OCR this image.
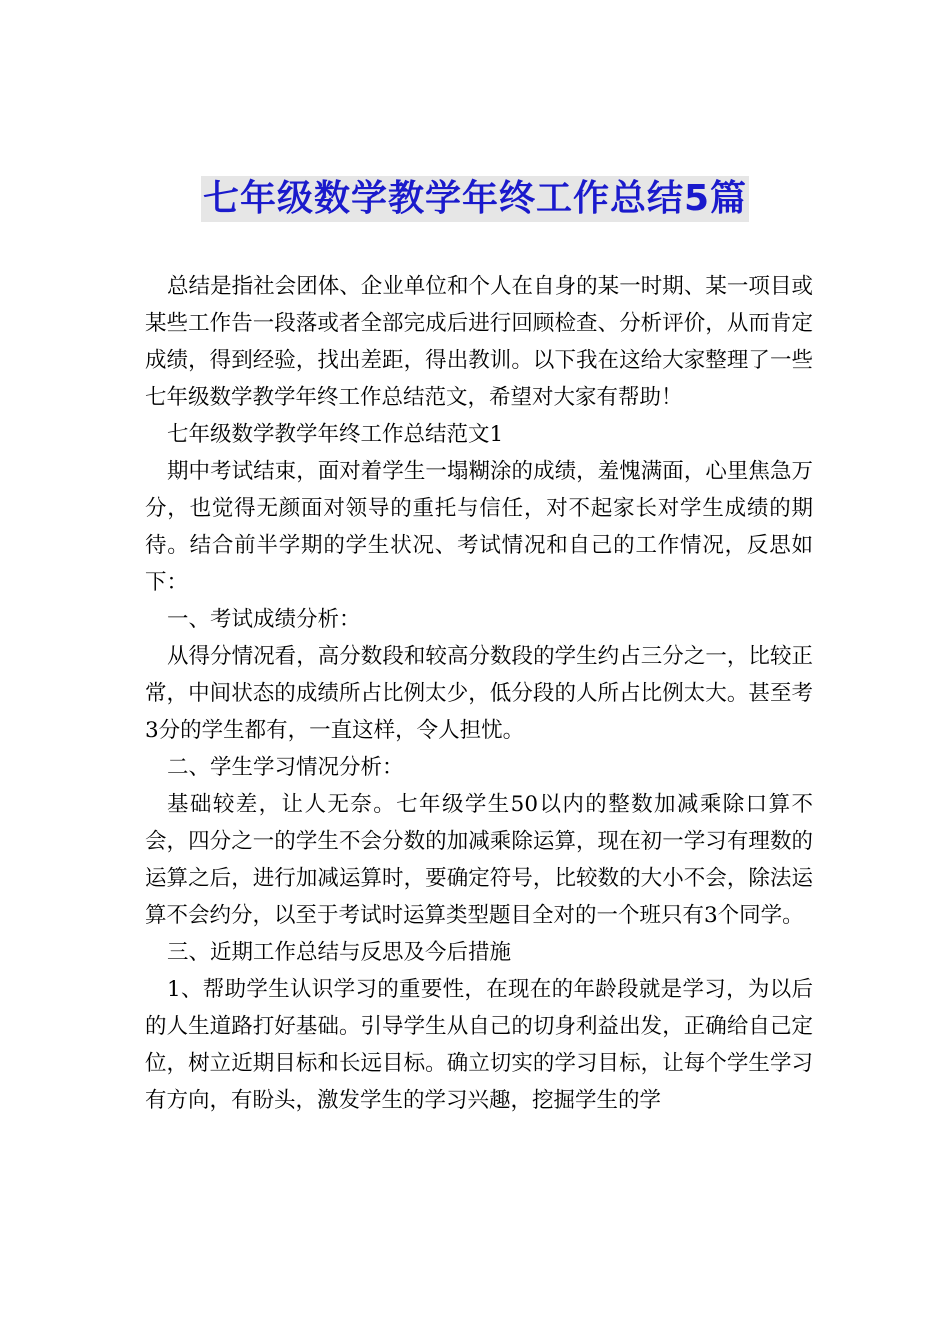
七年级数学教学年终工作总结5篇

总结是指社会团体、企业单位和个人在自身的某一时期、某一项目或某些工作告一段落或者全部完成后进行回顾检查、分析评价，从而肯定成绩，得到经验，找出差距，得出教训。以下我在这给大家整理了一些七年级数学教学年终工作总结范文，希望对大家有帮助！

七年级数学教学年终工作总结范文1

期中考试结束，面对着学生一塌糊涂的成绩，羞愧满面，心里焦急万分，也觉得无颜面对领导的重托与信任，对不起家长对学生成绩的期待。结合前半学期的学生状况、考试情况和自己的工作情况，反思如下：

一、考试成绩分析：

从得分情况看，高分数段和较高分数段的学生约占三分之一，比较正常，中间状态的成绩所占比例太少，低分段的人所占比例太大。甚至考3分的学生都有，一直这样，令人担忧。

二、学生学习情况分析：

基础较差，让人无奈。七年级学生50以内的整数加减乘除口算不会，四分之一的学生不会分数的加减乘除运算，现在初一学习有理数的运算之后，进行加减运算时，要确定符号，比较数的大小不会，除法运算不会约分，以至于考试时运算类型题目全对的一个班只有3个同学。

三、近期工作总结与反思及今后措施

1、帮助学生认识学习的重要性，在现在的年龄段就是学习，为以后的人生道路打好基础。引导学生从自己的切身利益出发，正确给自己定位，树立近期目标和长远目标。确立切实的学习目标，让每个学生学习有方向，有盼头，激发学生的学习兴趣，挖掘学生的学
